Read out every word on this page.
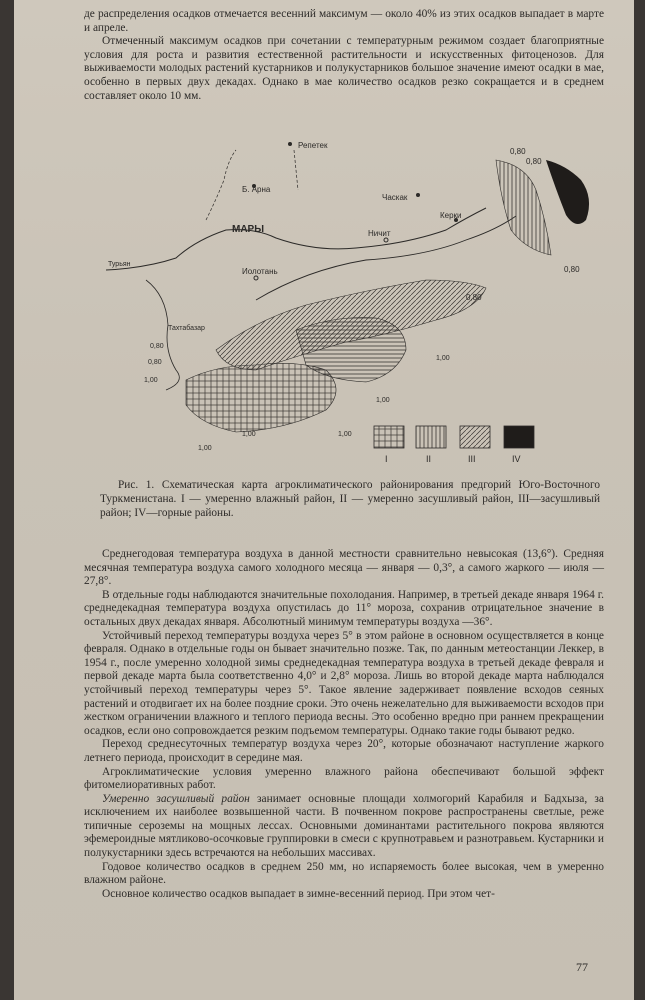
де распределения осадков отмечается весенний максимум — около 40% из этих осадков выпадает в марте и апреле.

Отмеченный максимум осадков при сочетании с температурным режимом создает благоприятные условия для роста и развития естественной растительности и искусственных фитоценозов. Для выживаемости молодых растений кустарников и полукустарников большое значение имеют осадки в мае, особенно в первых двух декадах. Однако в мае количество осадков резко сокращается и в среднем составляет около 10 мм.

Репетек
Б. Арна
Часкак
МАРЫ
Керки
Ничит
Иолотань
Турьян
Тахтабазар
0,80
0,80
0,80
0,80
0,80
0,80
1,00
1,00
1,00
1,00
1,00
1,00
I	II	III	IV

Рис. 1. Схематическая карта агроклиматического районирования предгорий Юго-Восточного Туркменистана. I — умеренно влажный район, II — умеренно засушливый район, III—засушливый район; IV—горные районы.

Среднегодовая температура воздуха в данной местности сравнительно невысокая (13,6°). Средняя месячная температура воздуха самого холодного месяца — января — 0,3°, а самого жаркого — июля — 27,8°.

В отдельные годы наблюдаются значительные похолодания. Например, в третьей декаде января 1964 г. среднедекадная температура воздуха опустилась до 11° мороза, сохранив отрицательное значение в остальных двух декадах января. Абсолютный минимум температуры воздуха —36°.

Устойчивый переход температуры воздуха через 5° в этом районе в основном осуществляется в конце февраля. Однако в отдельные годы он бывает значительно позже. Так, по данным метеостанции Леккер, в 1954 г., после умеренно холодной зимы среднедекадная температура воздуха в третьей декаде февраля и первой декаде марта была соответственно 4,0° и 2,8° мороза. Лишь во второй декаде марта наблюдался устойчивый переход температуры через 5°. Такое явление задерживает появление всходов сеяных растений и отодвигает их на более поздние сроки. Это очень нежелательно для выживаемости всходов при жестком ограничении влажного и теплого периода весны. Это особенно вредно при раннем прекращении осадков, если оно сопровождается резким подъемом температуры. Однако такие годы бывают редко.

Переход среднесуточных температур воздуха через 20°, которые обозначают наступление жаркого летнего периода, происходит в середине мая.

Агроклиматические условия умеренно влажного района обеспечивают большой эффект фитомелиоративных работ.

Умеренно засушливый район занимает основные площади холмогорий Карабиля и Бадхыза, за исключением их наиболее возвышенной части. В почвенном покрове распространены светлые, реже типичные сероземы на мощных лессах. Основными доминантами растительного покрова являются эфемероидные мятликово-осочковые группировки в смеси с крупнотравьем и разнотравьем. Кустарники и полукустарники здесь встречаются на небольших массивах.

Годовое количество осадков в среднем 250 мм, но испаряемость более высокая, чем в умеренно влажном районе.

Основное количество осадков выпадает в зимне-весенний период. При этом чет-

77
